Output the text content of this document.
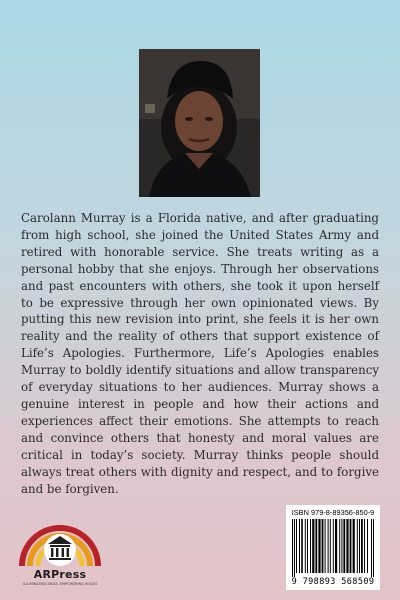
Carolann Murray is a Florida native, and after graduating from high school, she joined the United States Army and retired with honorable service. She treats writing as a personal hobby that she enjoys. Through her observations and past encounters with others, she took it upon herself to be expressive through her own opinionated views. By putting this new revision into print, she feels it is her own reality and the reality of others that support existence of Life’s Apologies. Furthermore, Life’s Apologies enables Murray to boldly identify situations and allow transparency of everyday situations to her audiences. Murray shows a genuine interest in people and how their actions and experiences affect their emotions. She attempts to reach and convince others that honesty and moral values are critical in today’s society. Murray thinks people should always treat others with dignity and respect, and to forgive and be forgiven.

ARPress
ILLUMINATING IDEAS. EMPOWERING VOICES
ISBN 979-8-89356-850-9
9 798893 568509
